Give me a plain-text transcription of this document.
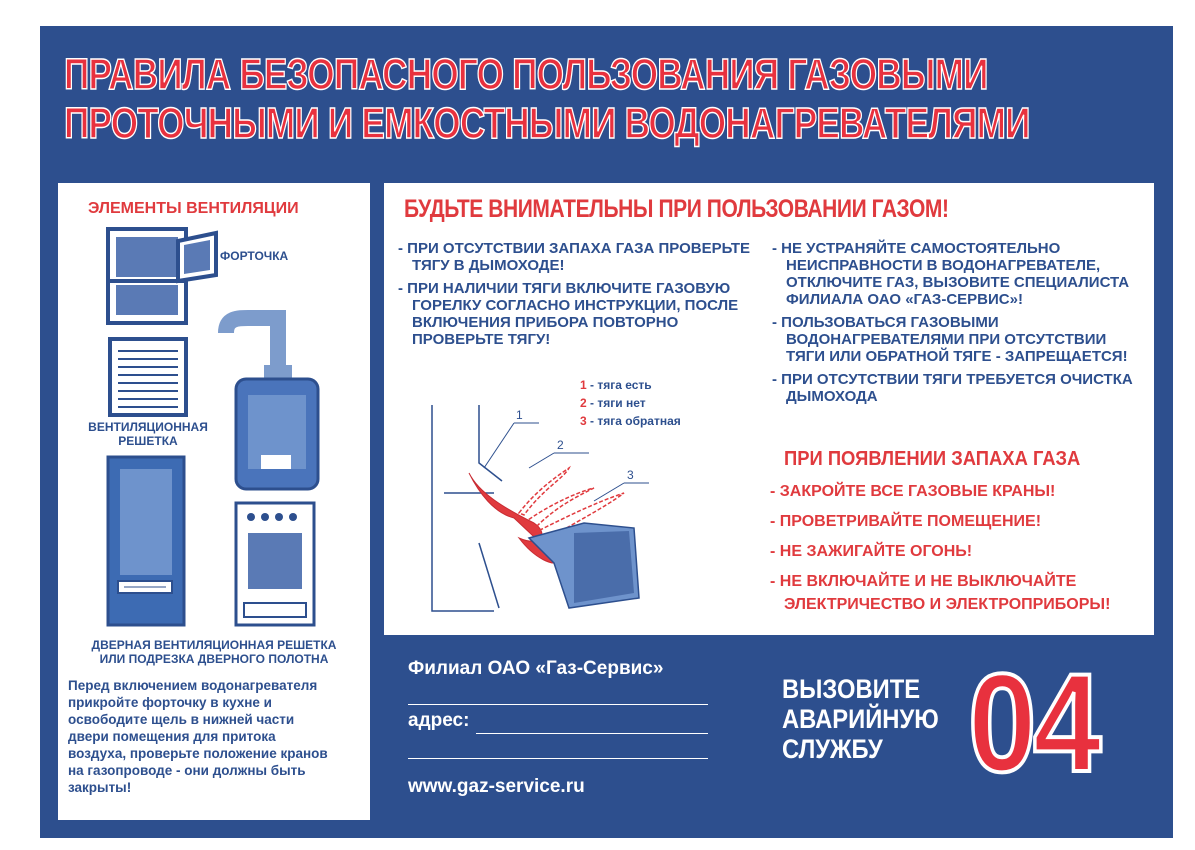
ПРАВИЛА БЕЗОПАСНОГО ПОЛЬЗОВАНИЯ ГАЗОВЫМИ
ПРОТОЧНЫМИ И ЕМКОСТНЫМИ ВОДОНАГРЕВАТЕЛЯМИ
ЭЛЕМЕНТЫ ВЕНТИЛЯЦИИ
ФОРТОЧКА
ВЕНТИЛЯЦИОННАЯ
РЕШЕТКА
ДВЕРНАЯ ВЕНТИЛЯЦИОННАЯ РЕШЕТКА
ИЛИ ПОДРЕЗКА ДВЕРНОГО ПОЛОТНА
Перед включением водонагревателя
прикройте форточку в кухне и
освободите щель в нижней части
двери помещения для притока
воздуха, проверьте положение кранов
на газопроводе - они должны быть
закрыты!
БУДЬТЕ ВНИМАТЕЛЬНЫ ПРИ ПОЛЬЗОВАНИИ ГАЗОМ!
- ПРИ ОТСУТСТВИИ ЗАПАХА ГАЗА ПРОВЕРЬТЕ
ТЯГУ В ДЫМОХОДЕ!
- ПРИ НАЛИЧИИ ТЯГИ ВКЛЮЧИТЕ ГАЗОВУЮ
ГОРЕЛКУ СОГЛАСНО ИНСТРУКЦИИ, ПОСЛЕ
ВКЛЮЧЕНИЯ ПРИБОРА ПОВТОРНО
ПРОВЕРЬТЕ ТЯГУ!
- НЕ УСТРАНЯЙТЕ САМОСТОЯТЕЛЬНО
НЕИСПРАВНОСТИ В ВОДОНАГРЕВАТЕЛЕ,
ОТКЛЮЧИТЕ ГАЗ, ВЫЗОВИТЕ СПЕЦИАЛИСТА
ФИЛИАЛА ОАО «ГАЗ-СЕРВИС»!
- ПОЛЬЗОВАТЬСЯ ГАЗОВЫМИ
ВОДОНАГРЕВАТЕЛЯМИ ПРИ ОТСУТСТВИИ
ТЯГИ ИЛИ ОБРАТНОЙ ТЯГЕ - ЗАПРЕЩАЕТСЯ!
- ПРИ ОТСУТСТВИИ ТЯГИ ТРЕБУЕТСЯ ОЧИСТКА
ДЫМОХОДА
1 - тяга есть
2 - тяги нет
3 - тяга обратная
1
2
3
ПРИ ПОЯВЛЕНИИ ЗАПАХА ГАЗА
- ЗАКРОЙТЕ ВСЕ ГАЗОВЫЕ КРАНЫ!
- ПРОВЕТРИВАЙТЕ ПОМЕЩЕНИЕ!
- НЕ ЗАЖИГАЙТЕ ОГОНЬ!
- НЕ ВКЛЮЧАЙТЕ И НЕ ВЫКЛЮЧАЙТЕ
ЭЛЕКТРИЧЕСТВО И ЭЛЕКТРОПРИБОРЫ!
Филиал ОАО «Газ-Сервис»
адрес:
www.gaz-service.ru
ВЫЗОВИТЕ
АВАРИЙНУЮ
СЛУЖБУ 04
